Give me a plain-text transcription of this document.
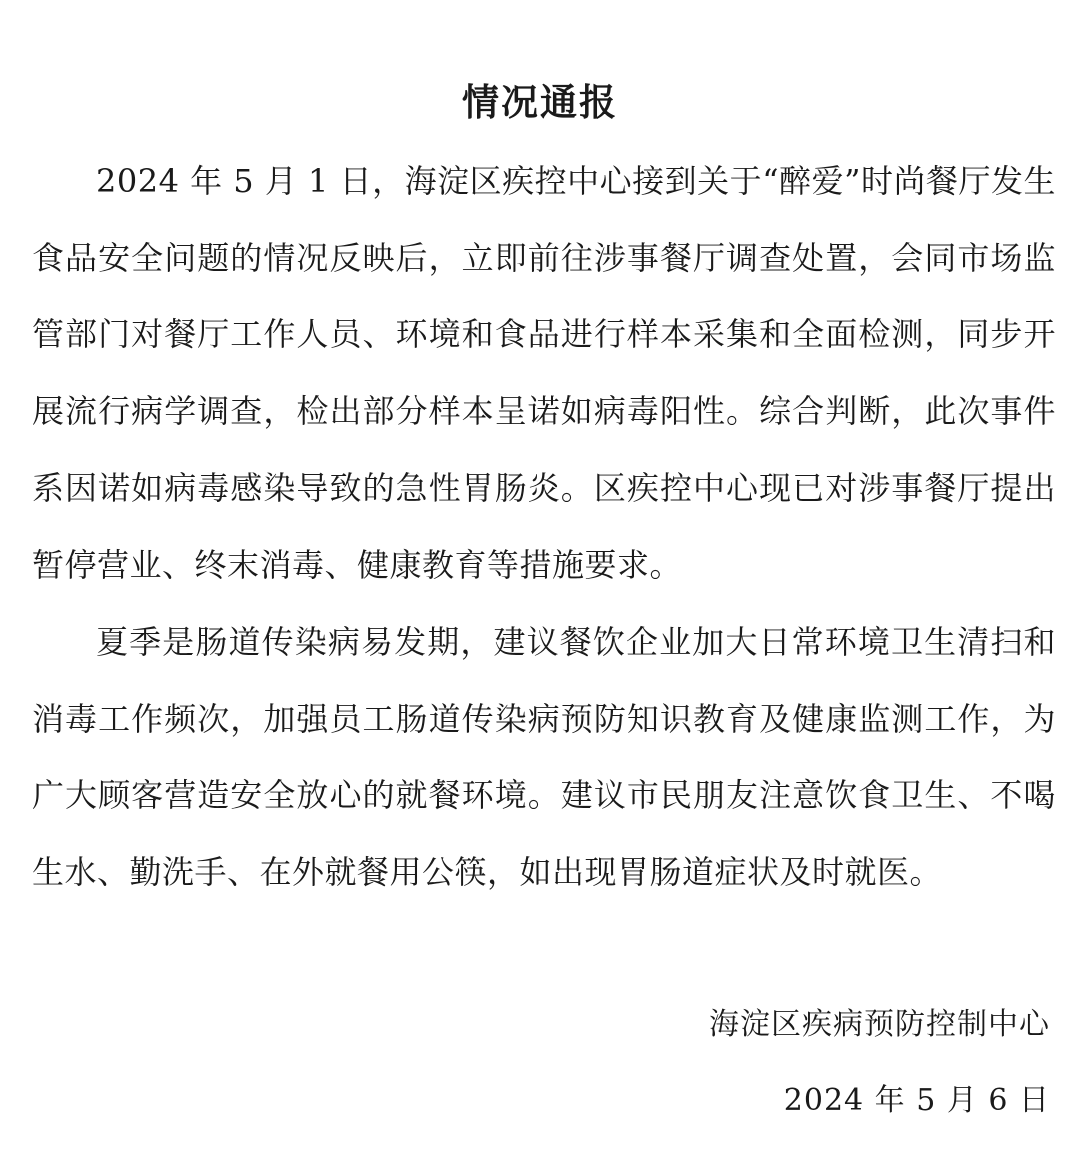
情况通报

2024 年 5 月 1 日，海淀区疾控中心接到关于“醉爱”时尚餐厅发生食品安全问题的情况反映后，立即前往涉事餐厅调查处置，会同市场监管部门对餐厅工作人员、环境和食品进行样本采集和全面检测，同步开展流行病学调查，检出部分样本呈诺如病毒阳性。综合判断，此次事件系因诺如病毒感染导致的急性胃肠炎。区疾控中心现已对涉事餐厅提出暂停营业、终末消毒、健康教育等措施要求。

夏季是肠道传染病易发期，建议餐饮企业加大日常环境卫生清扫和消毒工作频次，加强员工肠道传染病预防知识教育及健康监测工作，为广大顾客营造安全放心的就餐环境。建议市民朋友注意饮食卫生、不喝生水、勤洗手、在外就餐用公筷，如出现胃肠道症状及时就医。

海淀区疾病预防控制中心
2024 年 5 月 6 日
